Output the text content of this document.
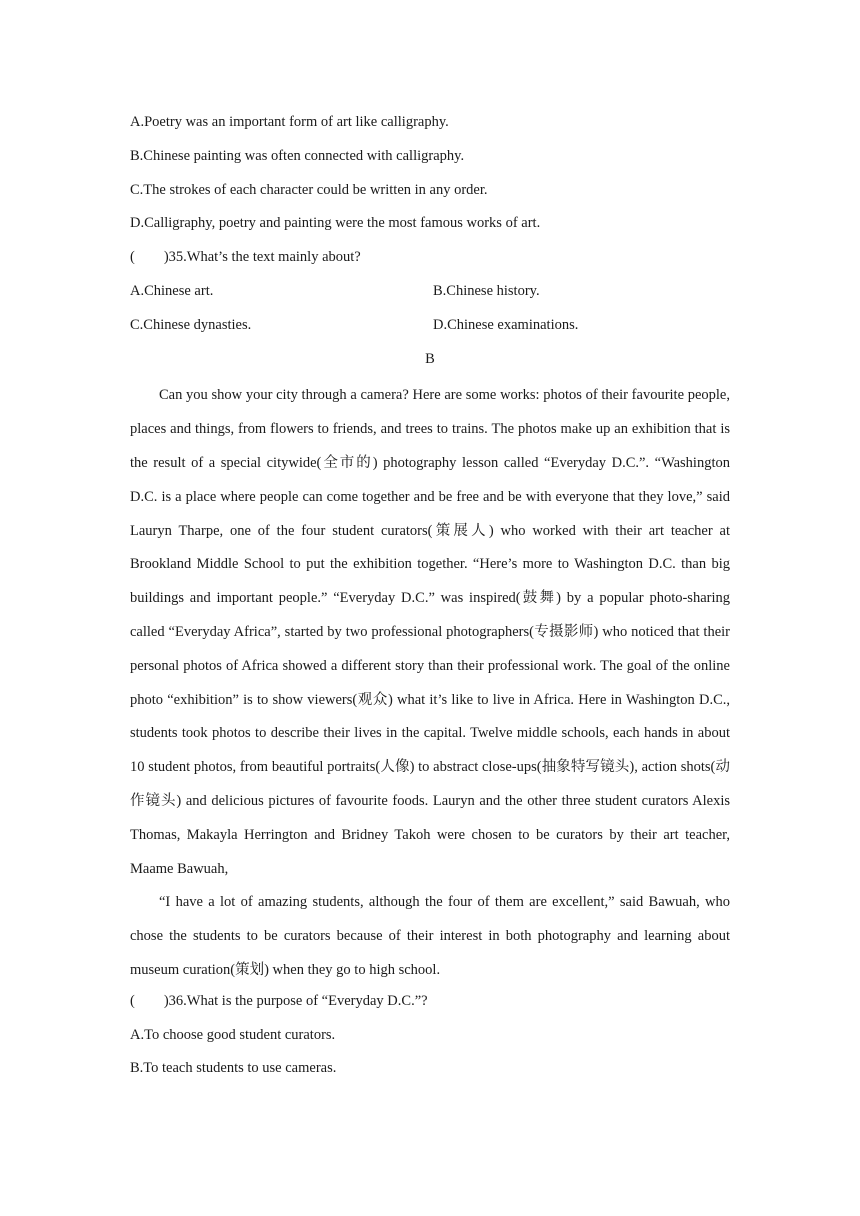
A.Poetry was an important form of art like calligraphy.
B.Chinese painting was often connected with calligraphy.
C.The strokes of each character could be written in any order.
D.Calligraphy, poetry and painting were the most famous works of art.
(　　)35.What’s the text mainly about?
A.Chinese art.	B.Chinese history.
C.Chinese dynasties.	D.Chinese examinations.
B

Can you show your city through a camera? Here are some works: photos of their favourite people, places and things, from flowers to friends, and trees to trains. The photos make up an exhibition that is the result of a special citywide(全市的) photography lesson called “Everyday D.C.”. “Washington D.C. is a place where people can come together and be free and be with everyone that they love,” said Lauryn Tharpe, one of the four student curators(策展人) who worked with their art teacher at Brookland Middle School to put the exhibition together. “Here’s more to Washington D.C. than big buildings and important people.” “Everyday D.C.” was inspired(鼓舞) by a popular photo-sharing called “Everyday Africa”, started by two professional photographers(专摄影师) who noticed that their personal photos of Africa showed a different story than their professional work. The goal of the online photo “exhibition” is to show viewers(观众) what it’s like to live in Africa. Here in Washington D.C., students took photos to describe their lives in the capital. Twelve middle schools, each hands in about 10 student photos, from beautiful portraits(人像) to abstract close-ups(抽象特写镜头), action shots(动作镜头) and delicious pictures of favourite foods. Lauryn and the other three student curators Alexis Thomas, Makayla Herrington and Bridney Takoh were chosen to be curators by their art teacher, Maame Bawuah,

“I have a lot of amazing students, although the four of them are excellent,” said Bawuah, who chose the students to be curators because of their interest in both photography and learning about museum curation(策划) when they go to high school.

(　　)36.What is the purpose of “Everyday D.C.”?
A.To choose good student curators.
B.To teach students to use cameras.
